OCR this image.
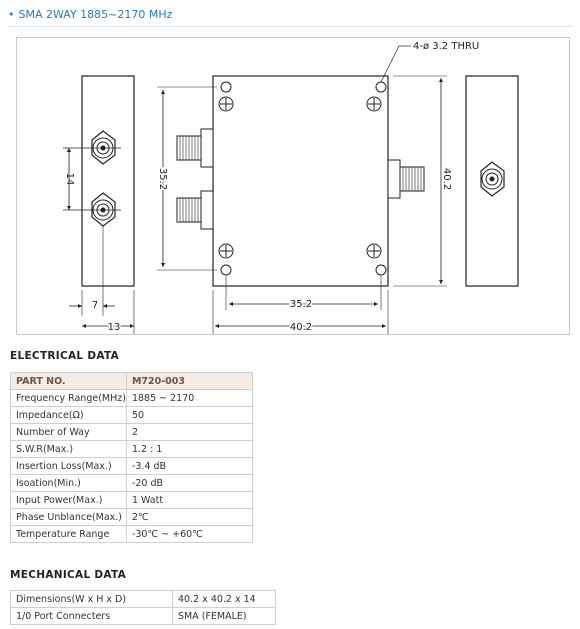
• SMA 2WAY 1885~2170 MHz
14
7
13
4-ø 3.2 THRU
35.2	40.2
35.2
40.2
ELECTRICAL DATA
PART NO.	M720-003
Frequency Range(MHz)	1885 ~ 2170
Impedance(Ω)	50
Number of Way	2
S.W.R(Max.)	1.2 : 1
Insertion Loss(Max.)	-3.4 dB
Isoation(Min.)	-20 dB
Input Power(Max.)	1 Watt
Phase Unblance(Max.)	2℃
Temperature Range	-30℃ ~ +60℃
MECHANICAL DATA
Dimensions(W x H x D)	40.2 x 40.2 x 14
1/0 Port Connecters	SMA (FEMALE)
